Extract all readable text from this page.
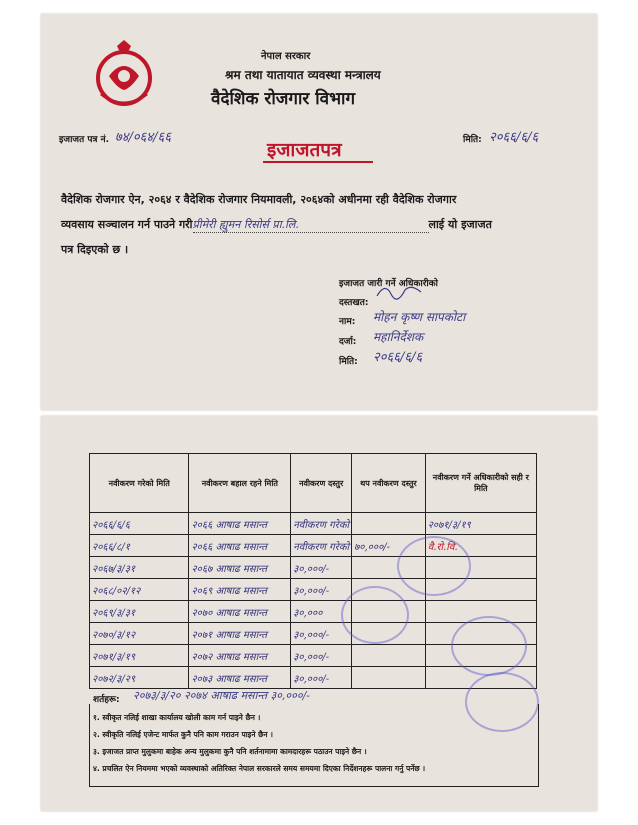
नेपाल सरकार
श्रम तथा यातायात व्यवस्था मन्त्रालय
वैदेशिक रोजगार विभाग
इजाजत पत्र नं. ७४/०६४/६६
इजाजतपत्र	मिति: २०६६/६/६
वैदेशिक रोजगार ऐन, २०६४ र वैदेशिक रोजगार नियमावली, २०६४को अधीनमा रही वैदेशिक रोजगार
व्यवसाय सञ्चालन गर्न पाउने गरीप्रीमेरी ह्युमन रिसोर्स प्रा.लि.	लाई यो इजाजत
पत्र दिइएको छ ।
इजाजत जारी गर्ने अधिकारीको
दस्तखत:
नाम: मोहन कृष्ण सापकोटा
दर्जा: महानिर्देशक
मिति: २०६६/६/६
नवीकरण गरेको मिति	नवीकरण बहाल रहने मिति	नवीकरण दस्तुर	थप नवीकरण दस्तुर	नवीकरण गर्ने अधिकारीको सही र मिति
२०६६/६/६	२०६६ आषाढ मसान्त	नवीकरण गरेको		२०७१/३/१९
२०६६/८/१	२०६६ आषाढ मसान्त	नवीकरण गरेको	७०,०००/-	वै.रो.वि.
२०६७/३/३१	२०६७ आषाढ मसान्त	३०,०००/-		
२०६८/०२/१२	२०६९ आषाढ मसान्त	३०,०००/-		
२०६९/३/३१	२०७० आषाढ मसान्त	३०,०००		
२०७०/३/१२	२०७१ आषाढ मसान्त	३०,०००/-		
२०७१/३/१९	२०७२ आषाढ मसान्त	३०,०००/-		
२०७२/३/२९	२०७३ आषाढ मसान्त	३०,०००/-		
शर्तहरू: २०७३/३/२० २०७४ आषाढ मसान्त ३०,०००/-
१. स्वीकृत नलिई शाखा कार्यालय खोली काम गर्न पाइने छैन ।
२. स्वीकृति नलिई एजेन्ट मार्फत कुनै पनि काम गराउन पाइने छैन ।
३. इजाजत प्राप्त मुलुकमा बाहेक अन्य मुलुकमा कुनै पनि शर्तनामामा कामदारहरू पठाउन पाइने छैन ।
४. प्रचलित ऐन नियममा भएको व्यवस्थाको अतिरिक्त नेपाल सरकारले समय समयमा दिएका निर्देशनहरू पालना गर्नु पर्नेछ ।
